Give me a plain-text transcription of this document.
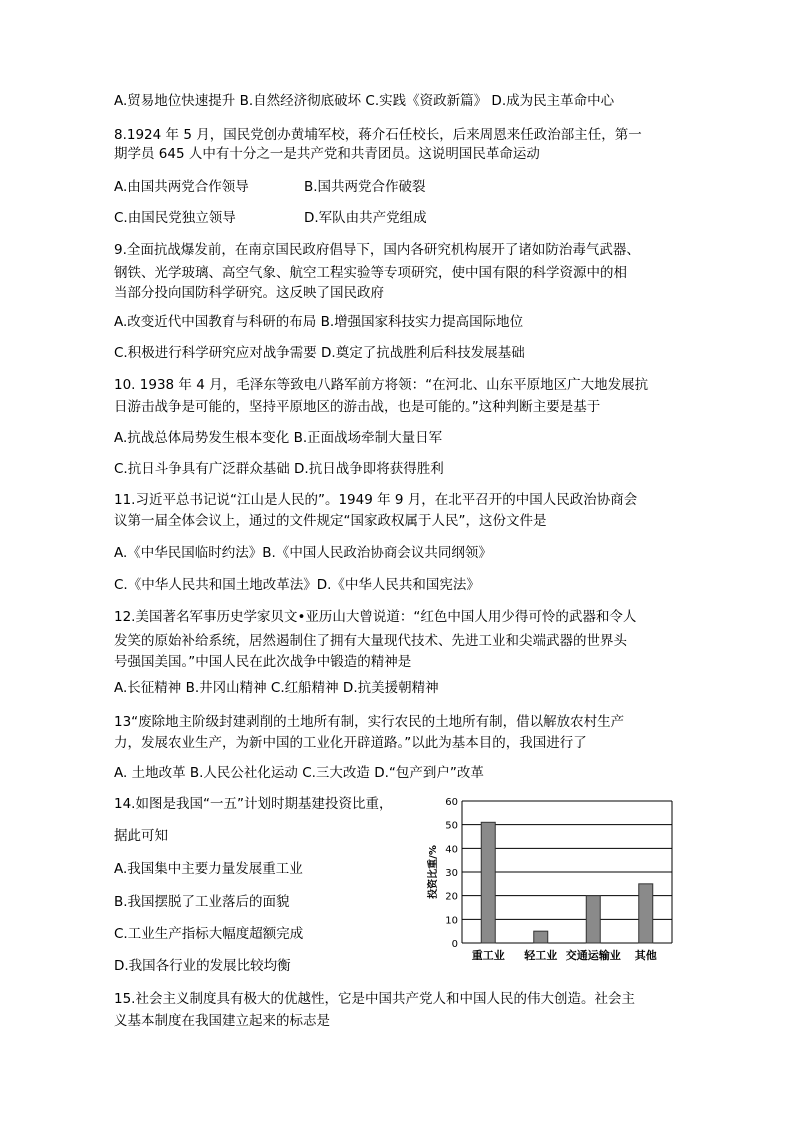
A.贸易地位快速提升 B.自然经济彻底破坏 C.实践《资政新篇》 D.成为民主革命中心
8.1924 年 5 月，国民党创办黄埔军校，蒋介石任校长，后来周恩来任政治部主任，第一
期学员 645 人中有十分之一是共产党和共青团员。这说明国民革命运动
A.由国共两党合作领导	B.国共两党合作破裂
C.由国民党独立领导	D.军队由共产党组成
9.全面抗战爆发前，在南京国民政府倡导下，国内各研究机构展开了诸如防治毒气武器、
钢铁、光学玻璃、高空气象、航空工程实验等专项研究，使中国有限的科学资源中的相
当部分投向国防科学研究。这反映了国民政府
A.改变近代中国教育与科研的布局 B.增强国家科技实力提高国际地位
C.积极进行科学研究应对战争需要 D.奠定了抗战胜利后科技发展基础
10. 1938 年 4 月，毛泽东等致电八路军前方将领：“在河北、山东平原地区广大地发展抗
日游击战争是可能的，坚持平原地区的游击战，也是可能的。”这种判断主要是基于
A.抗战总体局势发生根本变化 B.正面战场牵制大量日军
C.抗日斗争具有广泛群众基础 D.抗日战争即将获得胜利
11.习近平总书记说“江山是人民的”。1949 年 9 月，在北平召开的中国人民政治协商会
议第一届全体会议上，通过的文件规定“国家政权属于人民”，这份文件是
A.《中华民国临时约法》B.《中国人民政治协商会议共同纲领》
C.《中华人民共和国土地改革法》D.《中华人民共和国宪法》
12.美国著名军事历史学家贝文•亚历山大曾说道：“红色中国人用少得可怜的武器和令人
发笑的原始补给系统，居然遏制住了拥有大量现代技术、先进工业和尖端武器的世界头
号强国美国。”中国人民在此次战争中锻造的精神是
A.长征精神 B.井冈山精神 C.红船精神 D.抗美援朝精神
13“废除地主阶级封建剥削的土地所有制，实行农民的土地所有制，借以解放农村生产
力，发展农业生产，为新中国的工业化开辟道路。”以此为基本目的，我国进行了
A. 土地改革 B.人民公社化运动 C.三大改造 D.“包产到户”改革
14.如图是我国“一五”计划时期基建投资比重，
据此可知
A.我国集中主要力量发展重工业
B.我国摆脱了工业落后的面貌
C.工业生产指标大幅度超额完成
D.我国各行业的发展比较均衡
15.社会主义制度具有极大的优越性，它是中国共产党人和中国人民的伟大创造。社会主
义基本制度在我国建立起来的标志是
0
10
20
30
40
50
60
重工业 轻工业 交通运输业 其他
投资比重/%
